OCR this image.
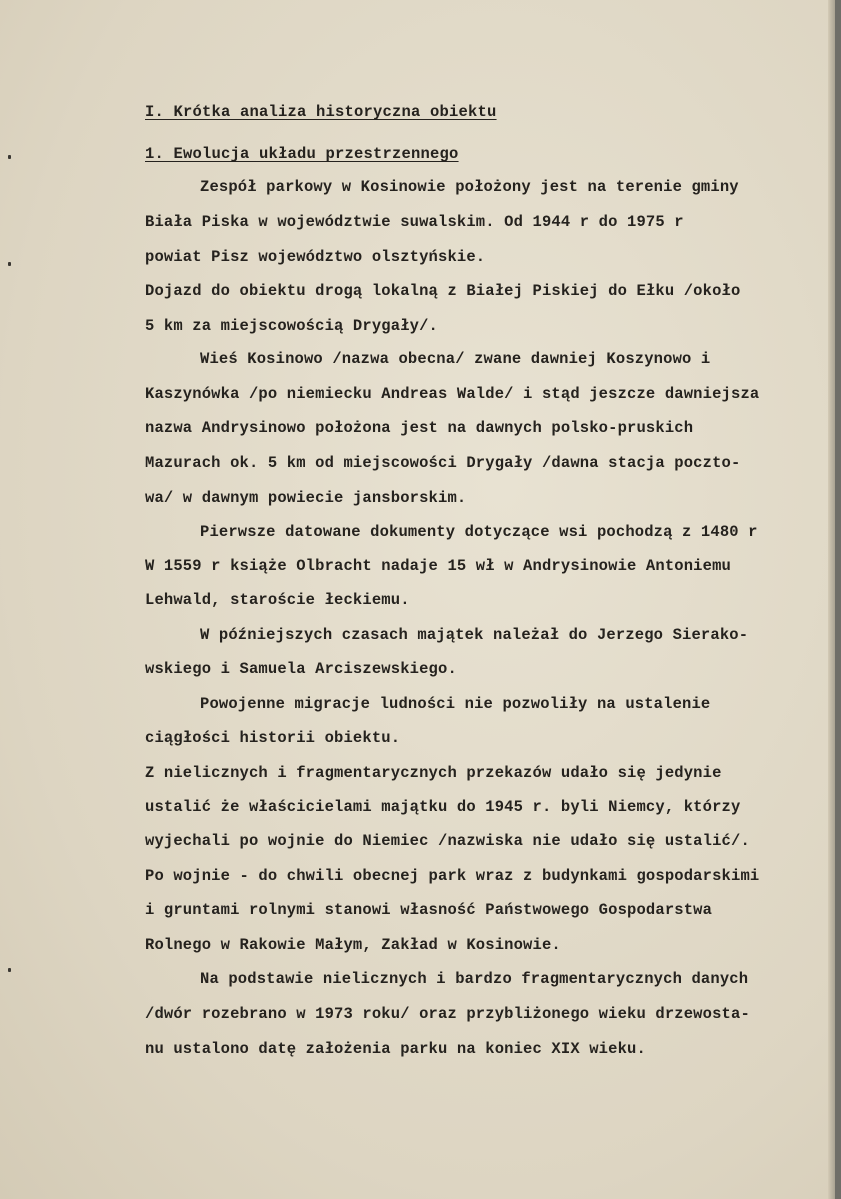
I. Krótka analiza historyczna obiektu
1. Ewolucja układu przestrzennego
Zespół parkowy w Kosinowie położony jest na terenie gminy
Biała Piska w województwie suwalskim. Od 1944 r do 1975 r
powiat Pisz województwo olsztyńskie.
Dojazd do obiektu drogą lokalną z Białej Piskiej do Ełku /około
5 km za miejscowością Drygały/.
Wieś Kosinowo /nazwa obecna/ zwane dawniej Koszynowo i
Kaszynówka /po niemiecku Andreas Walde/ i stąd jeszcze dawniejsza
nazwa Andrysinowo położona jest na dawnych polsko-pruskich
Mazurach ok. 5 km od miejscowości Drygały /dawna stacja poczto-
wa/ w dawnym powiecie jansborskim.
Pierwsze datowane dokumenty dotyczące wsi pochodzą z 1480 r
W 1559 r książe Olbracht nadaje 15 wł w Andrysinowie Antoniemu
Lehwald, staroście łeckiemu.
W późniejszych czasach majątek należał do Jerzego Sierako-
wskiego i Samuela Arciszewskiego.
Powojenne migracje ludności nie pozwoliły na ustalenie
ciągłości historii obiektu.
Z nielicznych i fragmentarycznych przekazów udało się jedynie
ustalić że właścicielami majątku do 1945 r. byli Niemcy, którzy
wyjechali po wojnie do Niemiec /nazwiska nie udało się ustalić/.
Po wojnie - do chwili obecnej park wraz z budynkami gospodarskimi
i gruntami rolnymi stanowi własność Państwowego Gospodarstwa
Rolnego w Rakowie Małym, Zakład w Kosinowie.
Na podstawie nielicznych i bardzo fragmentarycznych danych
/dwór rozebrano w 1973 roku/ oraz przybliżonego wieku drzewosta-
nu ustalono datę założenia parku na koniec XIX wieku.
